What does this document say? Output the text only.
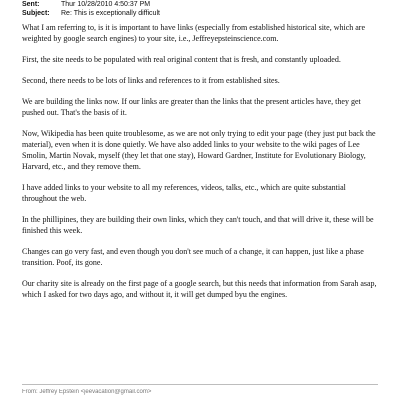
Sent:	Thur 10/28/2010 4:50:37 PM
Subject:	Re: This is exceptionally difficult

What I am referring to, is it is important to have links (especially from established historical site, which are weighted by google search engines) to your site, i.e., Jeffreyepsteinscience.com.

First, the site needs to be populated with real original content that is fresh, and constantly uploaded.

Second, there needs to be lots of links and references to it from established sites.

We are building the links now. If our links are greater than the links that the present articles have, they get pushed out. That's the basis of it.

Now, Wikipedia has been quite troublesome, as we are not only trying to edit your page (they just put back the material), even when it is done quietly. We have also added links to your website to the wiki pages of Lee Smolin, Martin Novak, myself (they let that one stay), Howard Gardner, Institute for Evolutionary Biology, Harvard, etc., and they remove them.

I have added links to your website to all my references, videos, talks, etc., which are quite substantial throughout the web.

In the phillipines, they are building their own links, which they can't touch, and that will drive it, these will be finished this week.

Changes can go very fast, and even though you don't see much of a change, it can happen, just like a phase transition. Poof, its gone.

Our charity site is already on the first page of a google search, but this needs that information from Sarah asap, which I asked for two days ago, and without it, it will get dumped byu the engines.

From: Jeffrey Epstein <jeevacation@gmail.com>
